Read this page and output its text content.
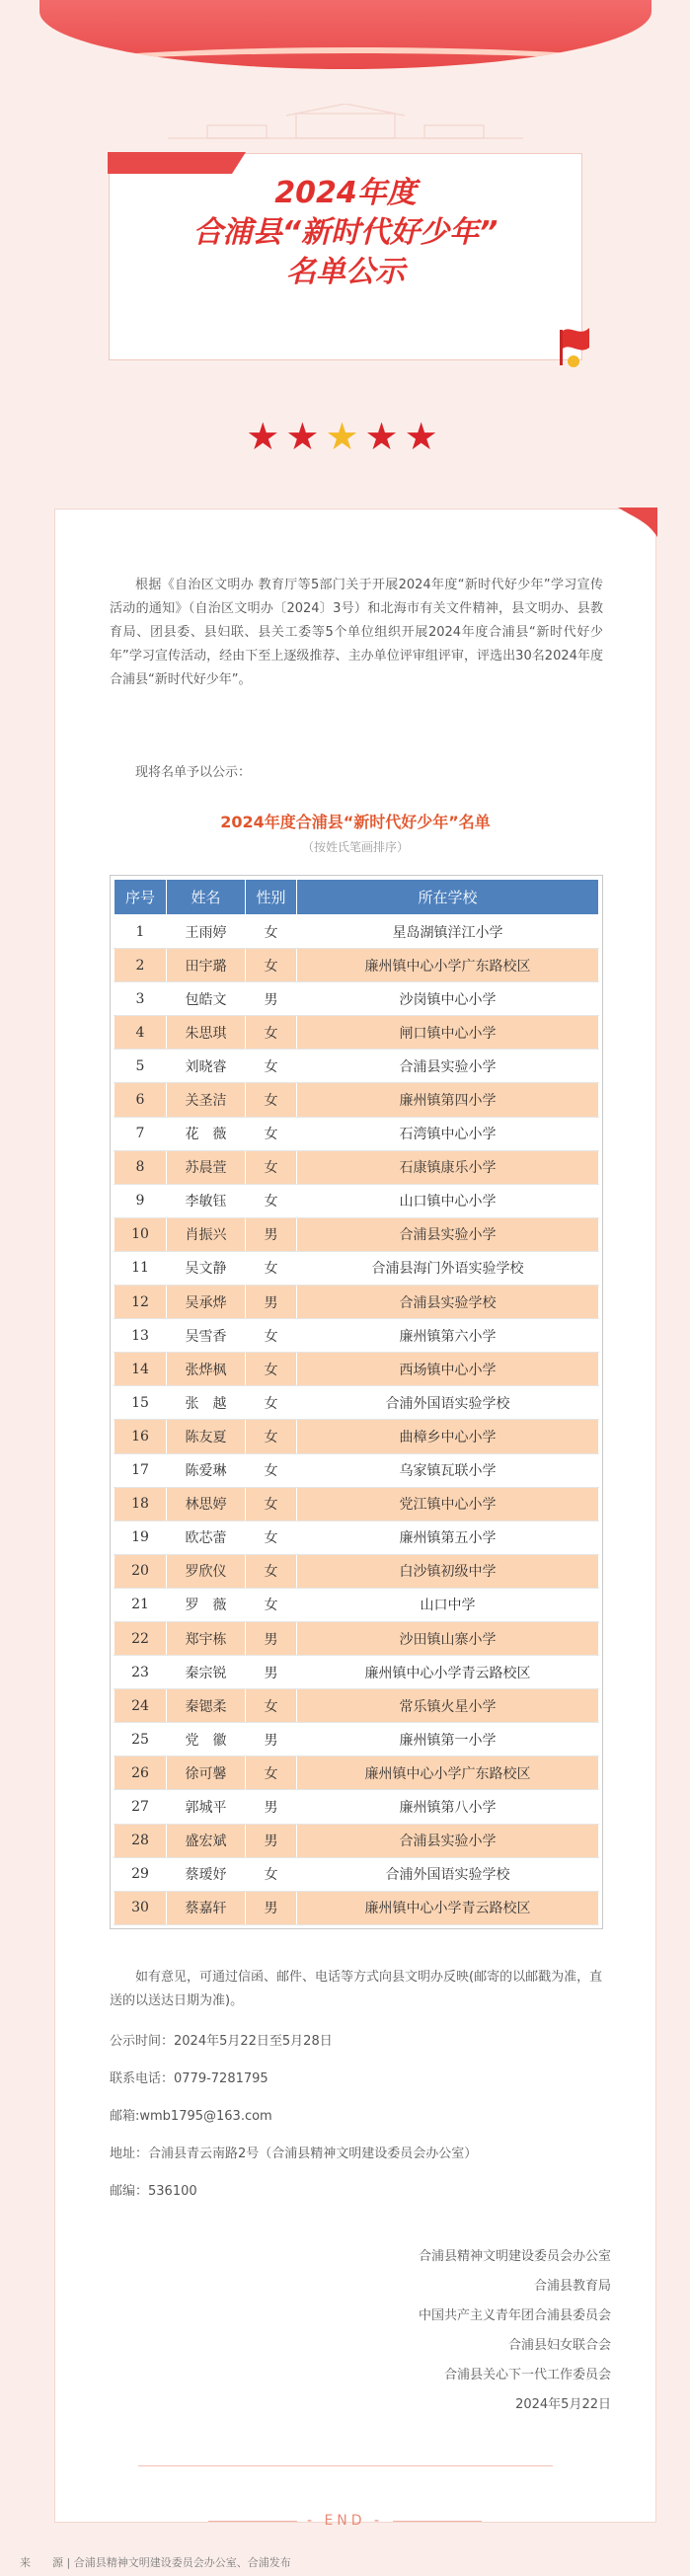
2024年度
合浦县“新时代好少年”
名单公示
★★★★★

根据《自治区文明办 教育厅等5部门关于开展2024年度“新时代好少年”学习宣传活动的通知》（自治区文明办〔2024〕3号）和北海市有关文件精神，县文明办、县教育局、团县委、县妇联、县关工委等5个单位组织开展2024年度合浦县“新时代好少年”学习宣传活动，经由下至上逐级推荐、主办单位评审组评审，评选出30名2024年度合浦县“新时代好少年”。

现将名单予以公示：

2024年度合浦县“新时代好少年”名单
（按姓氏笔画排序）
序号	姓名	性别	所在学校
1	王雨婷	女	星岛湖镇洋江小学
2	田宇璐	女	廉州镇中心小学广东路校区
3	包皓文	男	沙岗镇中心小学
4	朱思琪	女	闸口镇中心小学
5	刘晓睿	女	合浦县实验小学
6	关圣洁	女	廉州镇第四小学
7	花　薇	女	石湾镇中心小学
8	苏晨萱	女	石康镇康乐小学
9	李敏钰	女	山口镇中心小学
10	肖振兴	男	合浦县实验小学
11	吴文静	女	合浦县海门外语实验学校
12	吴承烨	男	合浦县实验学校
13	吴雪香	女	廉州镇第六小学
14	张烨枫	女	西场镇中心小学
15	张　越	女	合浦外国语实验学校
16	陈友夏	女	曲樟乡中心小学
17	陈爱琳	女	乌家镇瓦联小学
18	林思婷	女	党江镇中心小学
19	欧芯蕾	女	廉州镇第五小学
20	罗欣仪	女	白沙镇初级中学
21	罗　薇	女	山口中学
22	郑宇栋	男	沙田镇山寨小学
23	秦宗锐	男	廉州镇中心小学青云路校区
24	秦锶柔	女	常乐镇火星小学
25	党　徽	男	廉州镇第一小学
26	徐可馨	女	廉州镇中心小学广东路校区
27	郭城平	男	廉州镇第八小学
28	盛宏斌	男	合浦县实验小学
29	蔡瑷妤	女	合浦外国语实验学校
30	蔡嘉轩	男	廉州镇中心小学青云路校区

如有意见，可通过信函、邮件、电话等方式向县文明办反映(邮寄的以邮戳为准，直送的以送达日期为准)。

公示时间：2024年5月22日至5月28日

联系电话：0779-7281795

邮箱:wmb1795@163.com

地址：合浦县青云南路2号（合浦县精神文明建设委员会办公室）

邮编：536100

合浦县精神文明建设委员会办公室
合浦县教育局
中国共产主义青年团合浦县委员会
合浦县妇女联合会
合浦县关心下一代工作委员会
2024年5月22日
- END -
来　　源 | 合浦县精神文明建设委员会办公室、合浦发布
